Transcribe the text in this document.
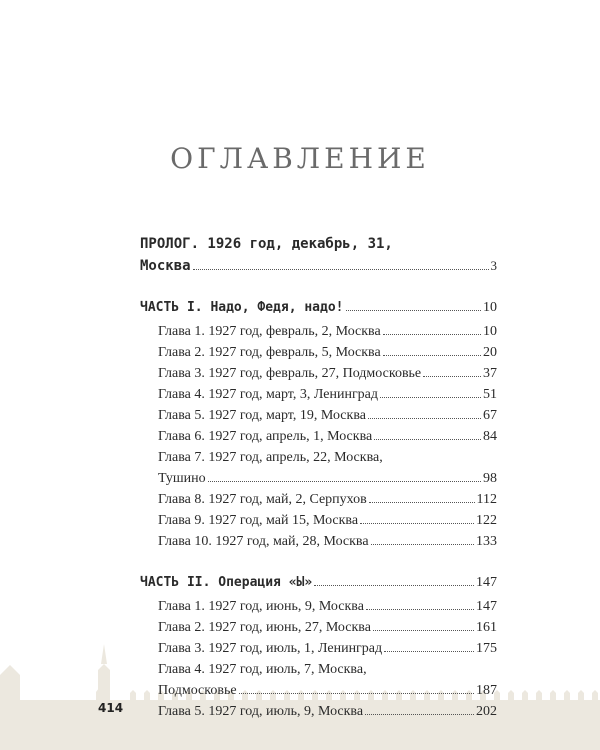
ОГЛАВЛЕНИЕ
ПРОЛОГ. 1926 год, декабрь, 31,
Москва	3
ЧАСТЬ I. Надо, Федя, надо!	10
Глава 1. 1927 год, февраль, 2, Москва	10
Глава 2. 1927 год, февраль, 5, Москва	20
Глава 3. 1927 год, февраль, 27, Подмосковье	37
Глава 4. 1927 год, март, 3, Ленинград	51
Глава 5. 1927 год, март, 19, Москва	67
Глава 6. 1927 год, апрель, 1, Москва	84
Глава 7. 1927 год, апрель, 22, Москва,
Тушино	98
Глава 8. 1927 год, май, 2, Серпухов	112
Глава 9. 1927 год, май 15, Москва	122
Глава 10. 1927 год, май, 28, Москва	133
ЧАСТЬ II. Операция «Ы»	147
Глава 1. 1927 год, июнь, 9, Москва	147
Глава 2. 1927 год, июнь, 27, Москва	161
Глава 3. 1927 год, июль, 1, Ленинград	175
Глава 4. 1927 год, июль, 7, Москва,
Подмосковье	187
Глава 5. 1927 год, июль, 9, Москва	202
414
